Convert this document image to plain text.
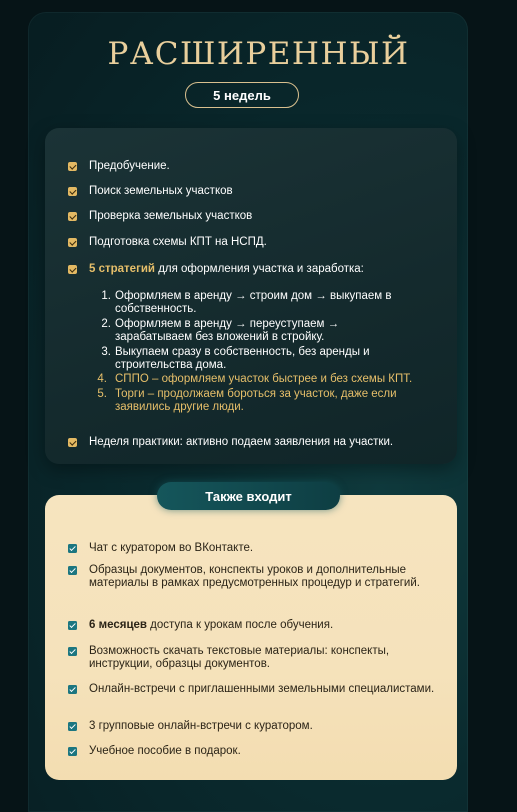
РАСШИРЕННЫЙ
5 недель
Предобучение.
Поиск земельных участков
Проверка земельных участков
Подготовка схемы КПТ на НСПД.
5 стратегий для оформления участка и заработка:
1. Оформляем в аренду → строим дом → выкупаем в собственность.
2. Оформляем в аренду → переуступаем → зарабатываем без вложений в стройку.
3. Выкупаем сразу в собственность, без аренды и строительства дома.
4. СППО – оформляем участок быстрее и без схемы КПТ.
5. Торги – продолжаем бороться за участок, даже если заявились другие люди.
Неделя практики: активно подаем заявления на участки.
Также входит
Чат с куратором во ВКонтакте.
Образцы документов, конспекты уроков и дополнительные материалы в рамках предусмотренных процедур и стратегий.
6 месяцев доступа к урокам после обучения.
Возможность скачать текстовые материалы: конспекты, инструкции, образцы документов.
Онлайн-встречи с приглашенными земельными специалистами.
3 групповые онлайн-встречи с куратором.
Учебное пособие в подарок.
